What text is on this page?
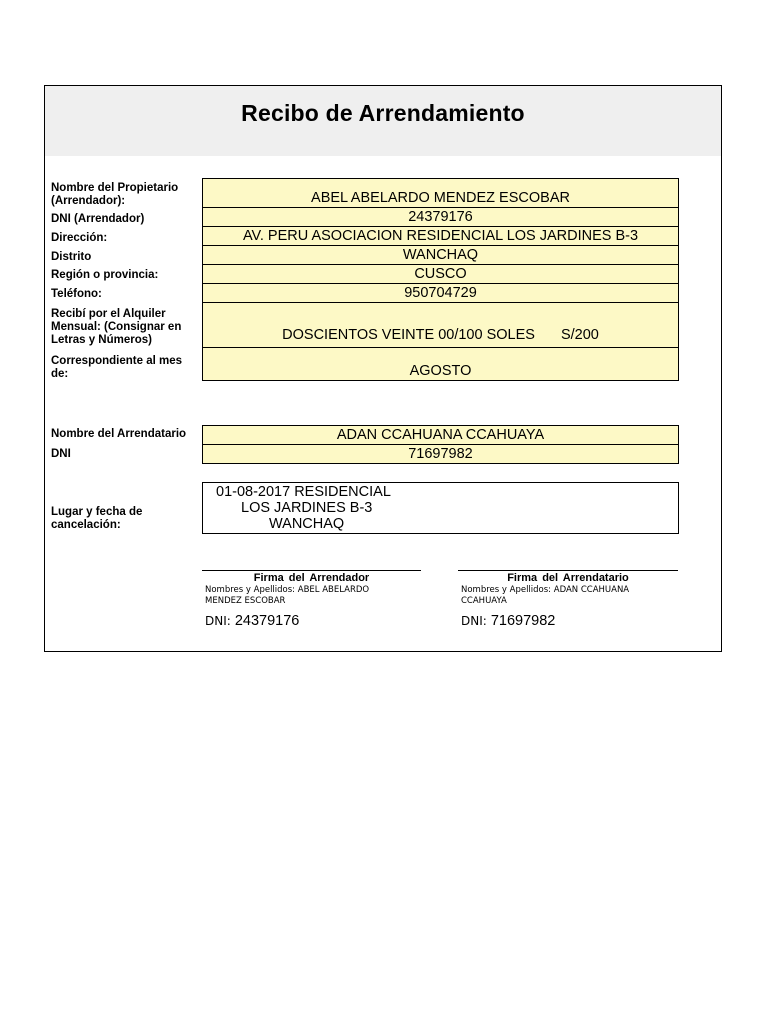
Recibo de Arrendamiento
Nombre del Propietario (Arrendador):
DNI (Arrendador)
Dirección:
Distrito
Región o provincia:
Teléfono:
Recibí por el Alquiler Mensual: (Consignar en Letras y Números)
Correspondiente al mes de:
ABEL ABELARDO MENDEZ ESCOBAR
24379176
AV. PERU ASOCIACION RESIDENCIAL LOS JARDINES B-3
WANCHAQ
CUSCO
950704729
DOSCIENTOS VEINTE 00/100 SOLES S/200
AGOSTO
Nombre del Arrendatario
DNI
ADAN CCAHUANA CCAHUAYA
71697982
Lugar y fecha de cancelación:
01-08-2017 RESIDENCIAL
LOS JARDINES B-3
WANCHAQ
Firma del Arrendador
Nombres y Apellidos: ABEL ABELARDO
MENDEZ ESCOBAR
DNI: 24379176
Firma del Arrendatario
Nombres y Apellidos: ADAN CCAHUANA
CCAHUAYA
DNI: 71697982
